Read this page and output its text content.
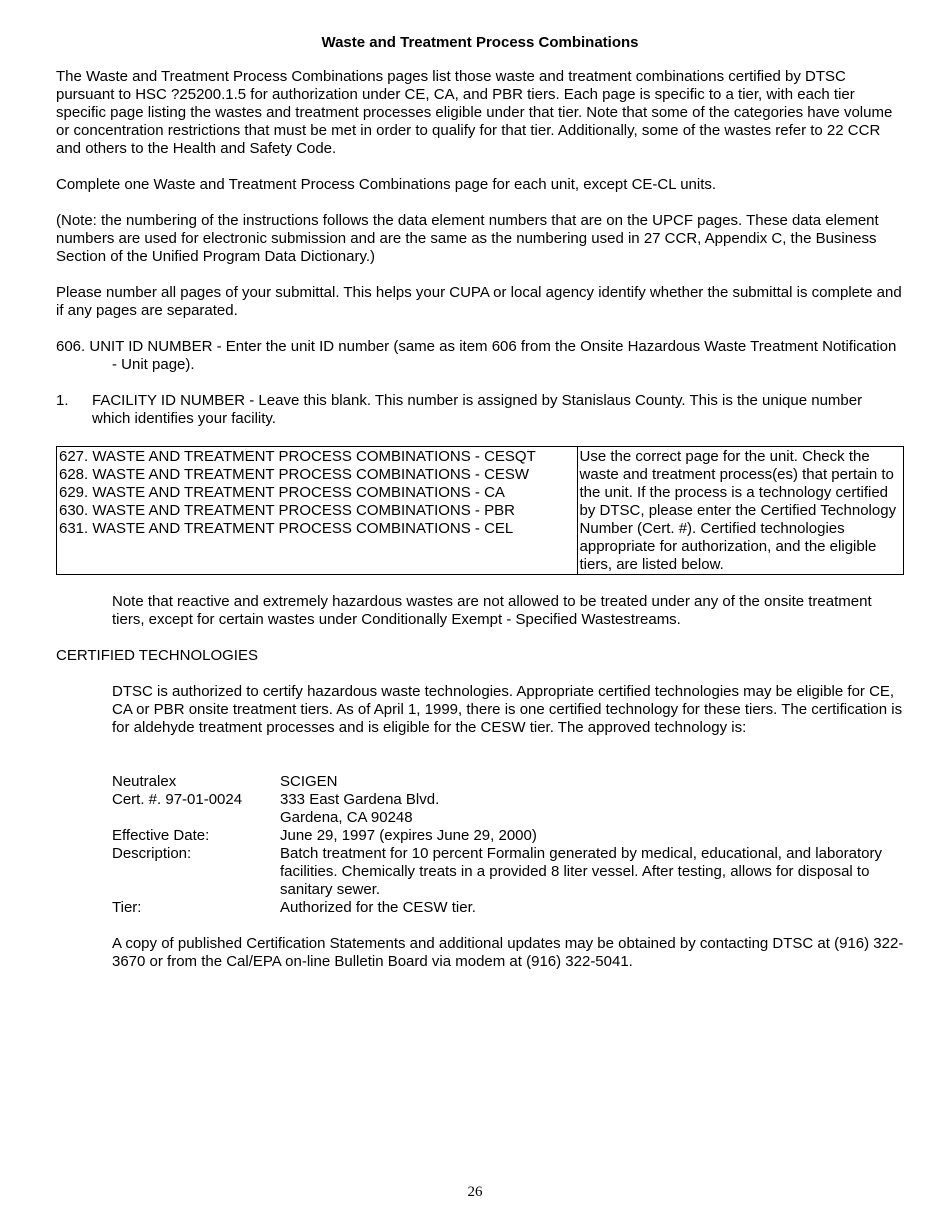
Waste and Treatment Process Combinations

The Waste and Treatment Process Combinations pages list those waste and treatment combinations certified by DTSC pursuant to HSC ?25200.1.5 for authorization under CE, CA, and PBR tiers. Each page is specific to a tier, with each tier specific page listing the wastes and treatment processes eligible under that tier. Note that some of the categories have volume or concentration restrictions that must be met in order to qualify for that tier. Additionally, some of the wastes refer to 22 CCR and others to the Health and Safety Code.

Complete one Waste and Treatment Process Combinations page for each unit, except CE-CL units.

(Note: the numbering of the instructions follows the data element numbers that are on the UPCF pages. These data element numbers are used for electronic submission and are the same as the numbering used in 27 CCR, Appendix C, the Business Section of the Unified Program Data Dictionary.)

Please number all pages of your submittal. This helps your CUPA or local agency identify whether the submittal is complete and if any pages are separated.

606. UNIT ID NUMBER - Enter the unit ID number (same as item 606 from the Onsite Hazardous Waste Treatment Notification - Unit page).

1.	FACILITY ID NUMBER - Leave this blank. This number is assigned by Stanislaus County. This is the unique number which identifies your facility.
627. WASTE AND TREATMENT PROCESS COMBINATIONS - CESQT
628. WASTE AND TREATMENT PROCESS COMBINATIONS - CESW
629. WASTE AND TREATMENT PROCESS COMBINATIONS - CA
630. WASTE AND TREATMENT PROCESS COMBINATIONS - PBR
631. WASTE AND TREATMENT PROCESS COMBINATIONS - CEL
	Use the correct page for the unit. Check the waste and treatment process(es) that pertain to the unit. If the process is a technology certified by DTSC, please enter the Certified Technology Number (Cert. #). Certified technologies appropriate for authorization, and the eligible tiers, are listed below.

Note that reactive and extremely hazardous wastes are not allowed to be treated under any of the onsite treatment tiers, except for certain wastes under Conditionally Exempt - Specified Wastestreams.

CERTIFIED TECHNOLOGIES

DTSC is authorized to certify hazardous waste technologies. Appropriate certified technologies may be eligible for CE, CA or PBR onsite treatment tiers. As of April 1, 1999, there is one certified technology for these tiers. The certification is for aldehyde treatment processes and is eligible for the CESW tier. The approved technology is:

Neutralex	SCIGEN
Cert. #. 97-01-0024	333 East Gardena Blvd.
Gardena, CA 90248
Effective Date:	June 29, 1997 (expires June 29, 2000)
Description:	Batch treatment for 10 percent Formalin generated by medical, educational, and laboratory facilities. Chemically treats in a provided 8 liter vessel. After testing, allows for disposal to sanitary sewer.
Tier:	Authorized for the CESW tier.

A copy of published Certification Statements and additional updates may be obtained by contacting DTSC at (916) 322-3670 or from the Cal/EPA on-line Bulletin Board via modem at (916) 322-5041.

26
